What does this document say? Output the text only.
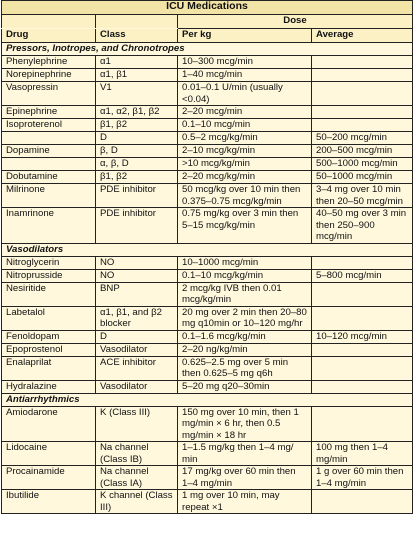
ICU Medications			
		Dose	
Drug	Class	Per kg	Average
Pressors, Inotropes, and Chronotropes			
Phenylephrine	α1	10–300 mcg/min	
Norepinephrine	α1, β1	1–40 mcg/min	
Vasopressin	V1	0.01–0.1 U/min (usually <0.04)	
Epinephrine	α1, α2, β1, β2	2–20 mcg/min	
Isoproterenol	β1, β2	0.1–10 mcg/min	
	D	0.5–2 mcg/kg/min	50–200 mcg/min
Dopamine	β, D	2–10 mcg/kg/min	200–500 mcg/min
	α, β, D	>10 mcg/kg/min	500–1000 mcg/min
Dobutamine	β1, β2	2–20 mcg/kg/min	50–1000 mcg/min
Milrinone	PDE inhibitor	50 mcg/kg over 10 min then 0.375–0.75 mcg/kg/min	3–4 mg over 10 min then 20–50 mcg/min
Inamrinone	PDE inhibitor	0.75 mg/kg over 3 min then 5–15 mcg/kg/min	40–50 mg over 3 min then 250–900 mcg/min
Vasodilators			
Nitroglycerin	NO	10–1000 mcg/min	
Nitroprusside	NO	0.1–10 mcg/kg/min	5–800 mcg/min
Nesiritide	BNP	2 mcg/kg IVB then 0.01 mcg/kg/min	
Labetalol	α1, β1, and β2 blocker	20 mg over 2 min then 20–80 mg q10min or 10–120 mg/hr	
Fenoldopam	D	0.1–1.6 mcg/kg/min	10–120 mcg/min
Epoprostenol	Vasodilator	2–20 ng/kg/min	
Enalaprilat	ACE inhibitor	0.625–2.5 mg over 5 min then 0.625–5 mg q6h	
Hydralazine	Vasodilator	5–20 mg q20–30min	
Antiarrhythmics			
Amiodarone	K (Class III)	150 mg over 10 min, then 1 mg/min × 6 hr, then 0.5 mg/min × 18 hr	
Lidocaine	Na channel (Class IB)	1–1.5 mg/kg then 1–4 mg/ min	100 mg then 1–4 mg/min
Procainamide	Na channel (Class IA)	17 mg/kg over 60 min then 1–4 mg/min	1 g over 60 min then 1–4 mg/min
Ibutilide	K channel (Class III)	1 mg over 10 min, may repeat ×1	
